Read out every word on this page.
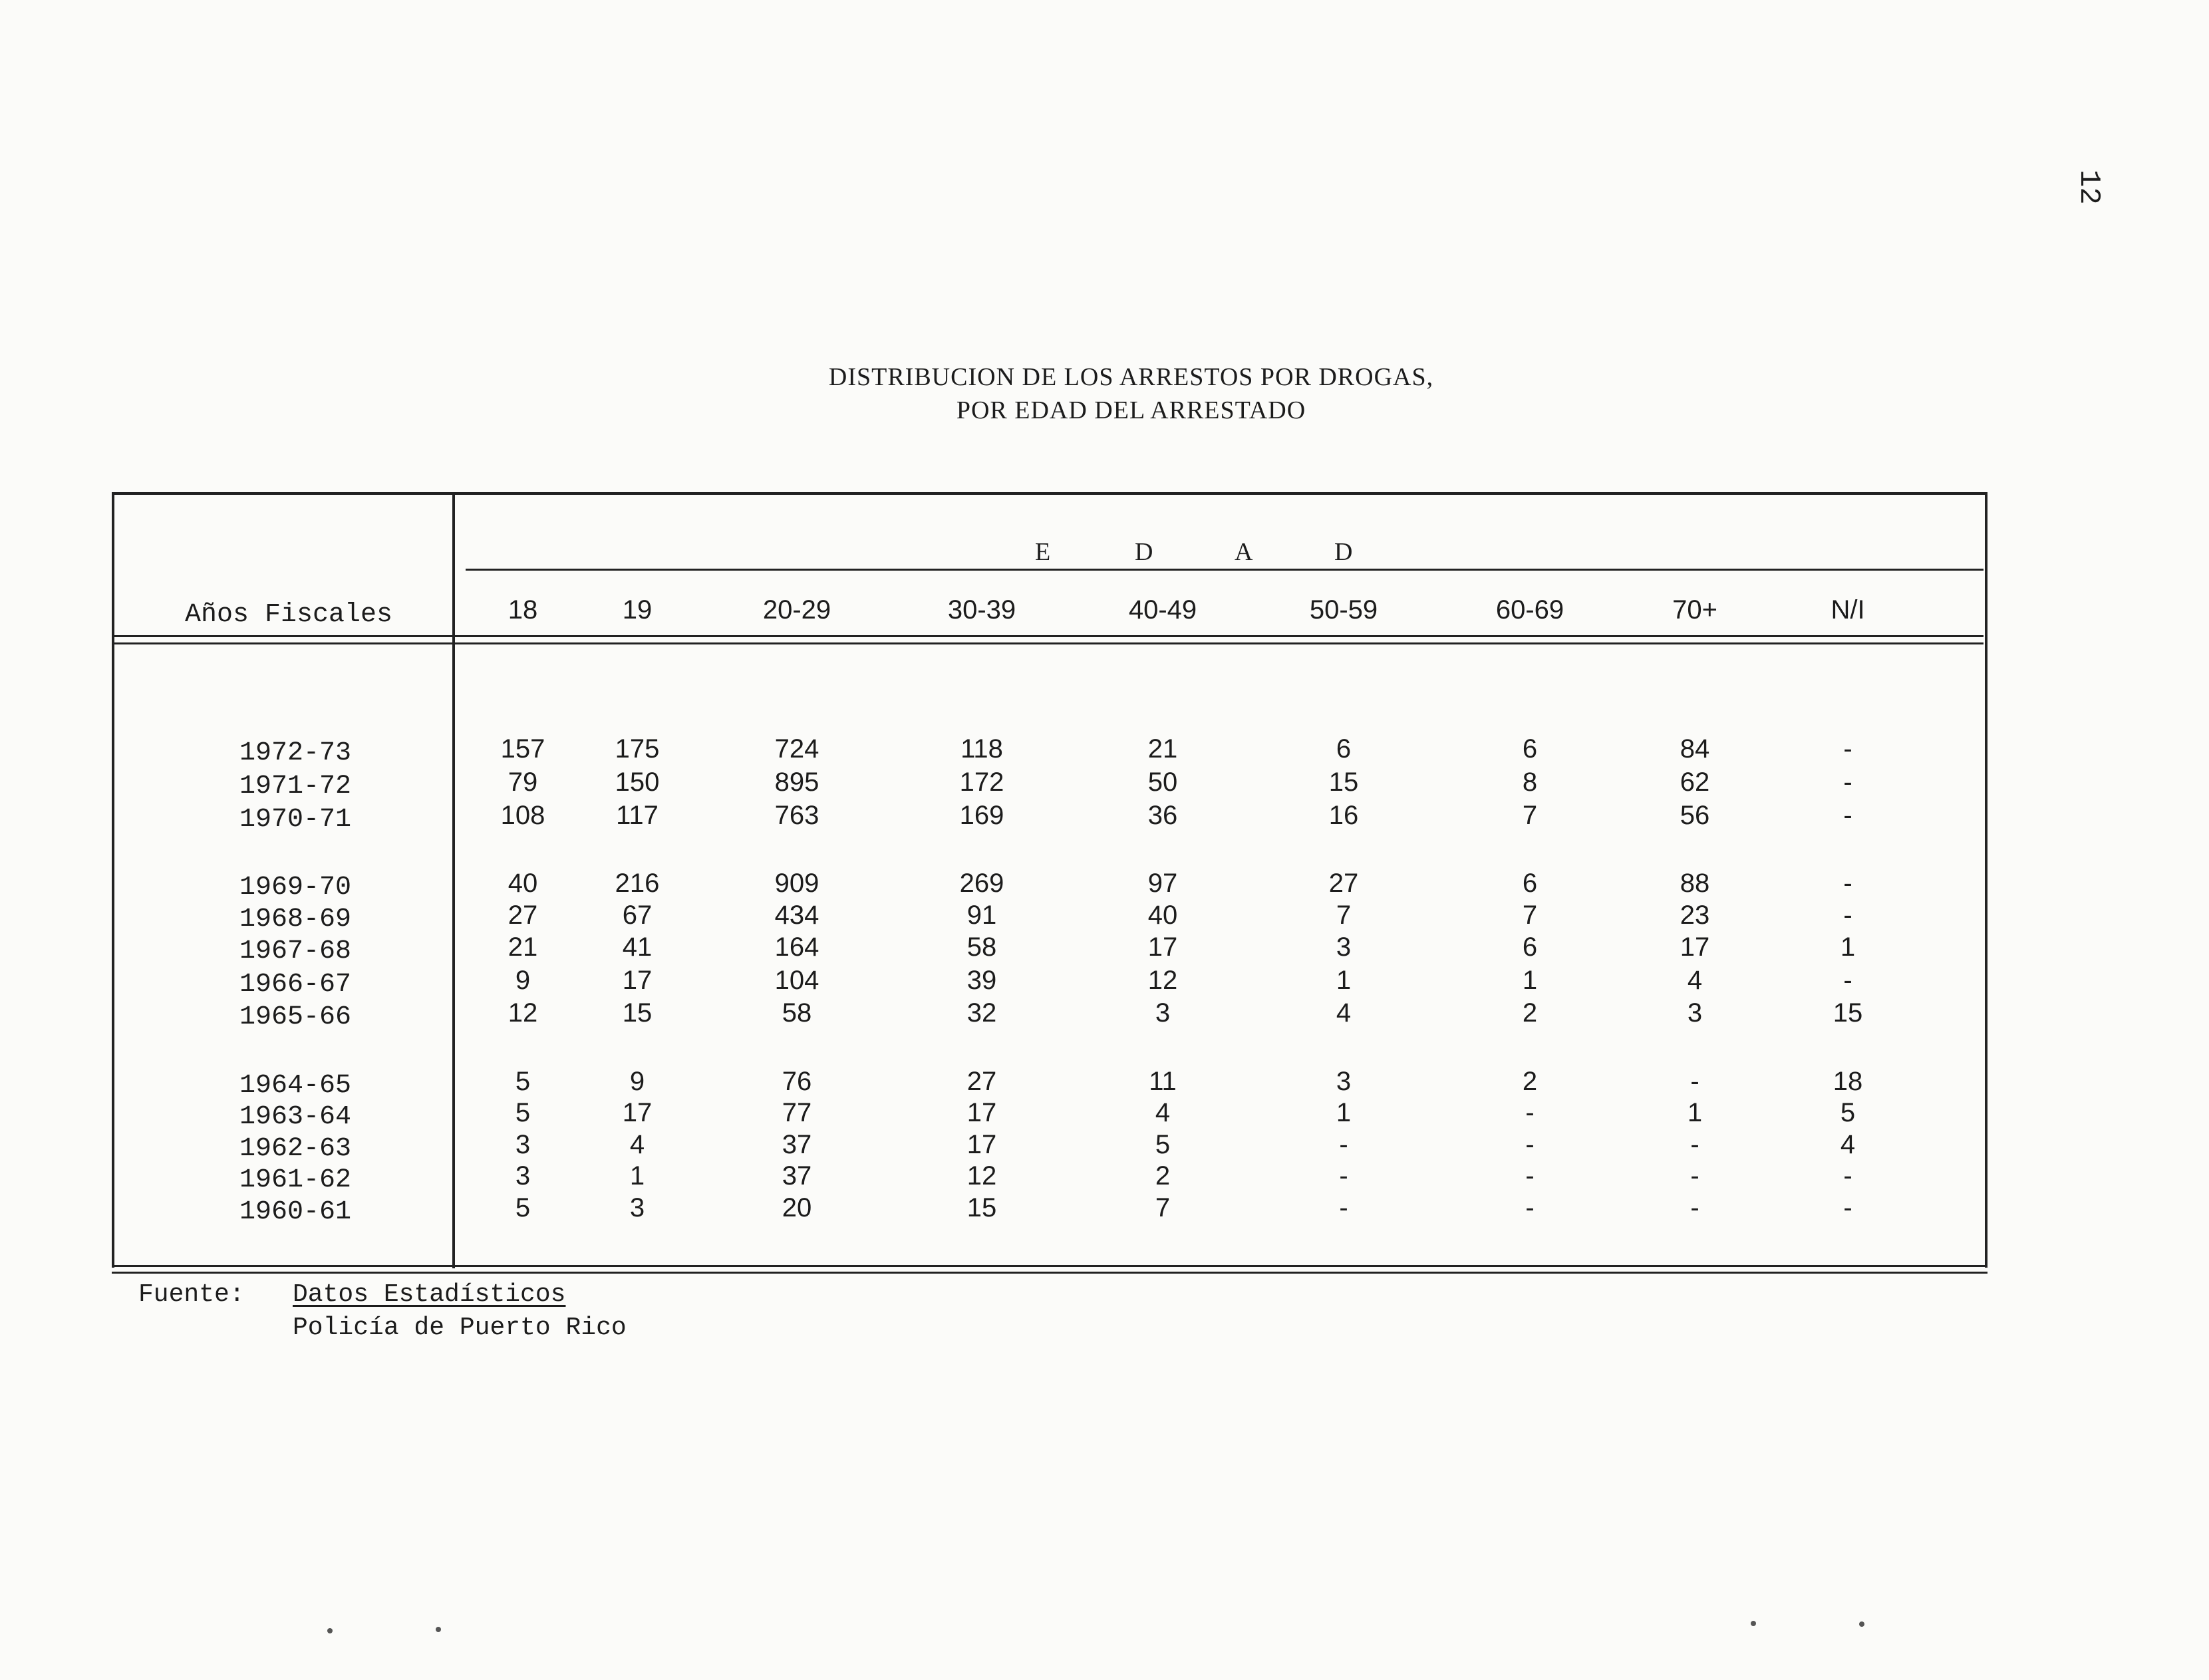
12
DISTRIBUCION DE LOS ARRESTOS POR DROGAS,
POR EDAD DEL ARRESTADO
E	D	A	D
Años Fiscales	18	19	20-29	30-39	40-49	50-59	60-69	70+	N/I
1972-73	157	175	724	118	21	6	6	84	-
1971-72	79	150	895	172	50	15	8	62	-
1970-71	108	117	763	169	36	16	7	56	-
1969-70	40	216	909	269	97	27	6	88	-
1968-69	27	67	434	91	40	7	7	23	-
1967-68	21	41	164	58	17	3	6	17	1
1966-67	9	17	104	39	12	1	1	4	-
1965-66	12	15	58	32	3	4	2	3	15
1964-65	5	9	76	27	11	3	2	-	18
1963-64	5	17	77	17	4	1	-	1	5
1962-63	3	4	37	17	5	-	-	-	4
1961-62	3	1	37	12	2	-	-	-	-
1960-61	5	3	20	15	7	-	-	-	-
Fuente: Datos Estadísticos
Policía de Puerto Rico
